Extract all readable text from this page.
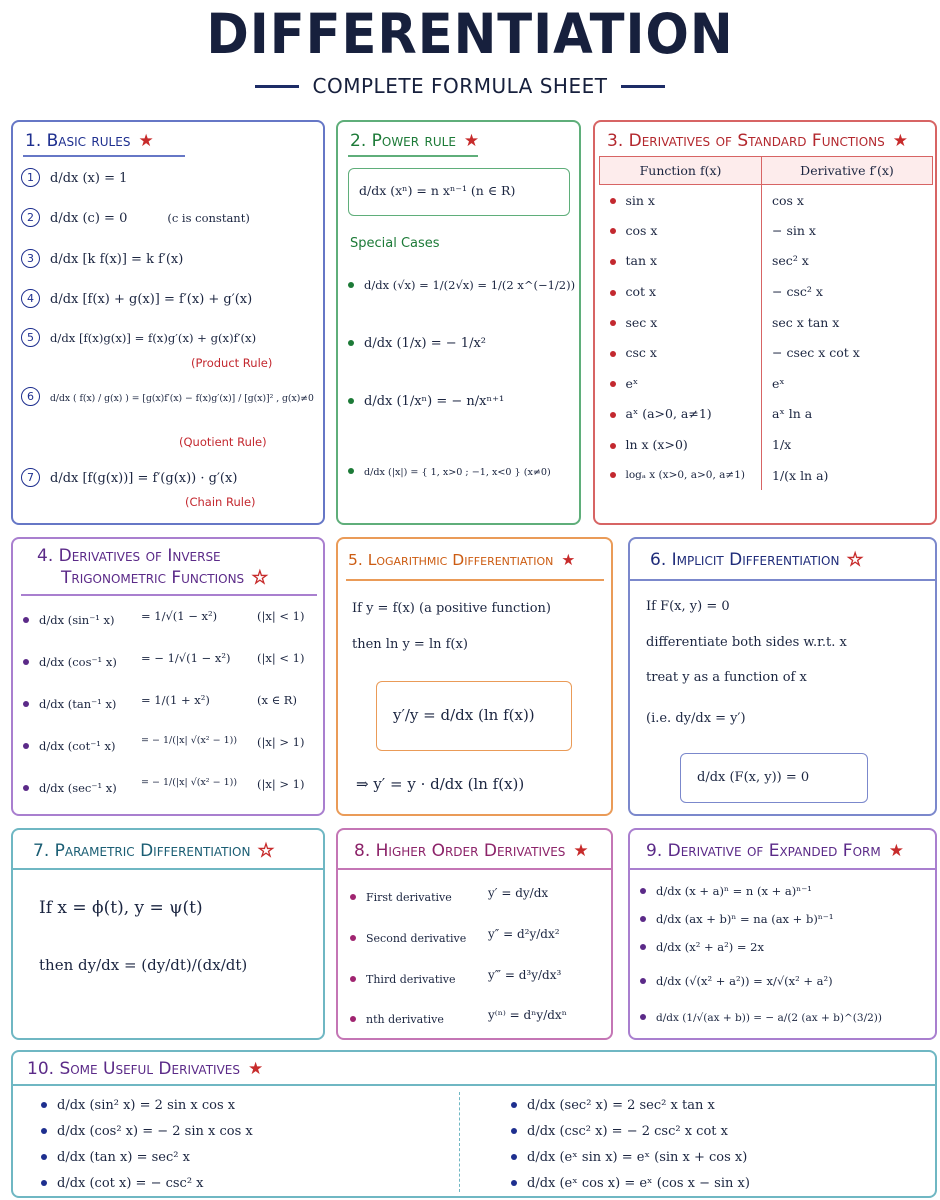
DIFFERENTIATION
COMPLETE FORMULA SHEET
1. Basic rules ★
1 d/dx (x) = 1
2 d/dx (c) = 0	(c is constant)
3 d/dx [k f(x)] = k f′(x)
4 d/dx [f(x) + g(x)] = f′(x) + g′(x)
5 d/dx [f(x)g(x)] = f(x)g′(x) + g(x)f′(x)
(Product Rule)
6 d/dx ( f(x) / g(x) ) = [g(x)f′(x) − f(x)g′(x)] / [g(x)]² , g(x)≠0
(Quotient Rule)
7 d/dx [f(g(x))] = f′(g(x)) · g′(x)
(Chain Rule)
2. Power rule ★
d/dx (xⁿ) = n xⁿ⁻¹ (n ∈ R)
Special Cases
d/dx (√x) = 1/(2√x) = 1/(2 x^(−1/2))
d/dx (1/x) = − 1/x²
d/dx (1/xⁿ) = − n/xⁿ⁺¹
d/dx (|x|) = { 1, x>0 ; −1, x<0 } (x≠0)
3. Derivatives of Standard Functions ★
Function f(x)	Derivative f′(x)
sin x	cos x
cos x	− sin x
tan x	sec² x
cot x	− csc² x
sec x	sec x tan x
csc x	− csec x cot x
eˣ	eˣ
aˣ (a>0, a≠1)	aˣ ln a
ln x (x>0)	1/x
logₐ x (x>0, a>0, a≠1)	1/(x ln a)
4. Derivatives of Inverse
Trigonometric Functions ★
d/dx (sin⁻¹ x) = 1/√(1 − x²)	(|x| < 1)
d/dx (cos⁻¹ x) = − 1/√(1 − x²) (|x| < 1)
d/dx (tan⁻¹ x) = 1/(1 + x²)	(x ∈ R)
d/dx (cot⁻¹ x)	= − 1/(|x| √(x² − 1)) (|x| > 1)
d/dx (sec⁻¹ x)	= − 1/(|x| √(x² − 1)) (|x| > 1)
5. Logarithmic Differentiation ★
If y = f(x) (a positive function)
then ln y = ln f(x)
y′/y = d/dx (ln f(x))
⇒ y′ = y · d/dx (ln f(x))
6. Implicit Differentiation ★
If F(x, y) = 0
differentiate both sides w.r.t. x
treat y as a function of x
(i.e. dy/dx = y′)
d/dx (F(x, y)) = 0
7. Parametric Differentiation ★
If x = ϕ(t), y = ψ(t)
then dy/dx = (dy/dt)/(dx/dt)
8. Higher Order Derivatives ★
First derivative	y′ = dy/dx
Second derivative y″ = d²y/dx²
Third derivative	y‴ = d³y/dx³
nth derivative	y⁽ⁿ⁾ = dⁿy/dxⁿ
9. Derivative of Expanded Form ★
d/dx (x + a)ⁿ = n (x + a)ⁿ⁻¹
d/dx (ax + b)ⁿ = na (ax + b)ⁿ⁻¹
d/dx (x² + a²) = 2x
d/dx (√(x² + a²)) = x/√(x² + a²)
d/dx (1/√(ax + b)) = − a/(2 (ax + b)^(3/2))
10. Some Useful Derivatives ★
d/dx (sin² x) = 2 sin x cos x
d/dx (cos² x) = − 2 sin x cos x
d/dx (tan x) = sec² x
d/dx (cot x) = − csc² x
d/dx (sec² x) = 2 sec² x tan x
d/dx (csc² x) = − 2 csc² x cot x
d/dx (eˣ sin x) = eˣ (sin x + cos x)
d/dx (eˣ cos x) = eˣ (cos x − sin x)
